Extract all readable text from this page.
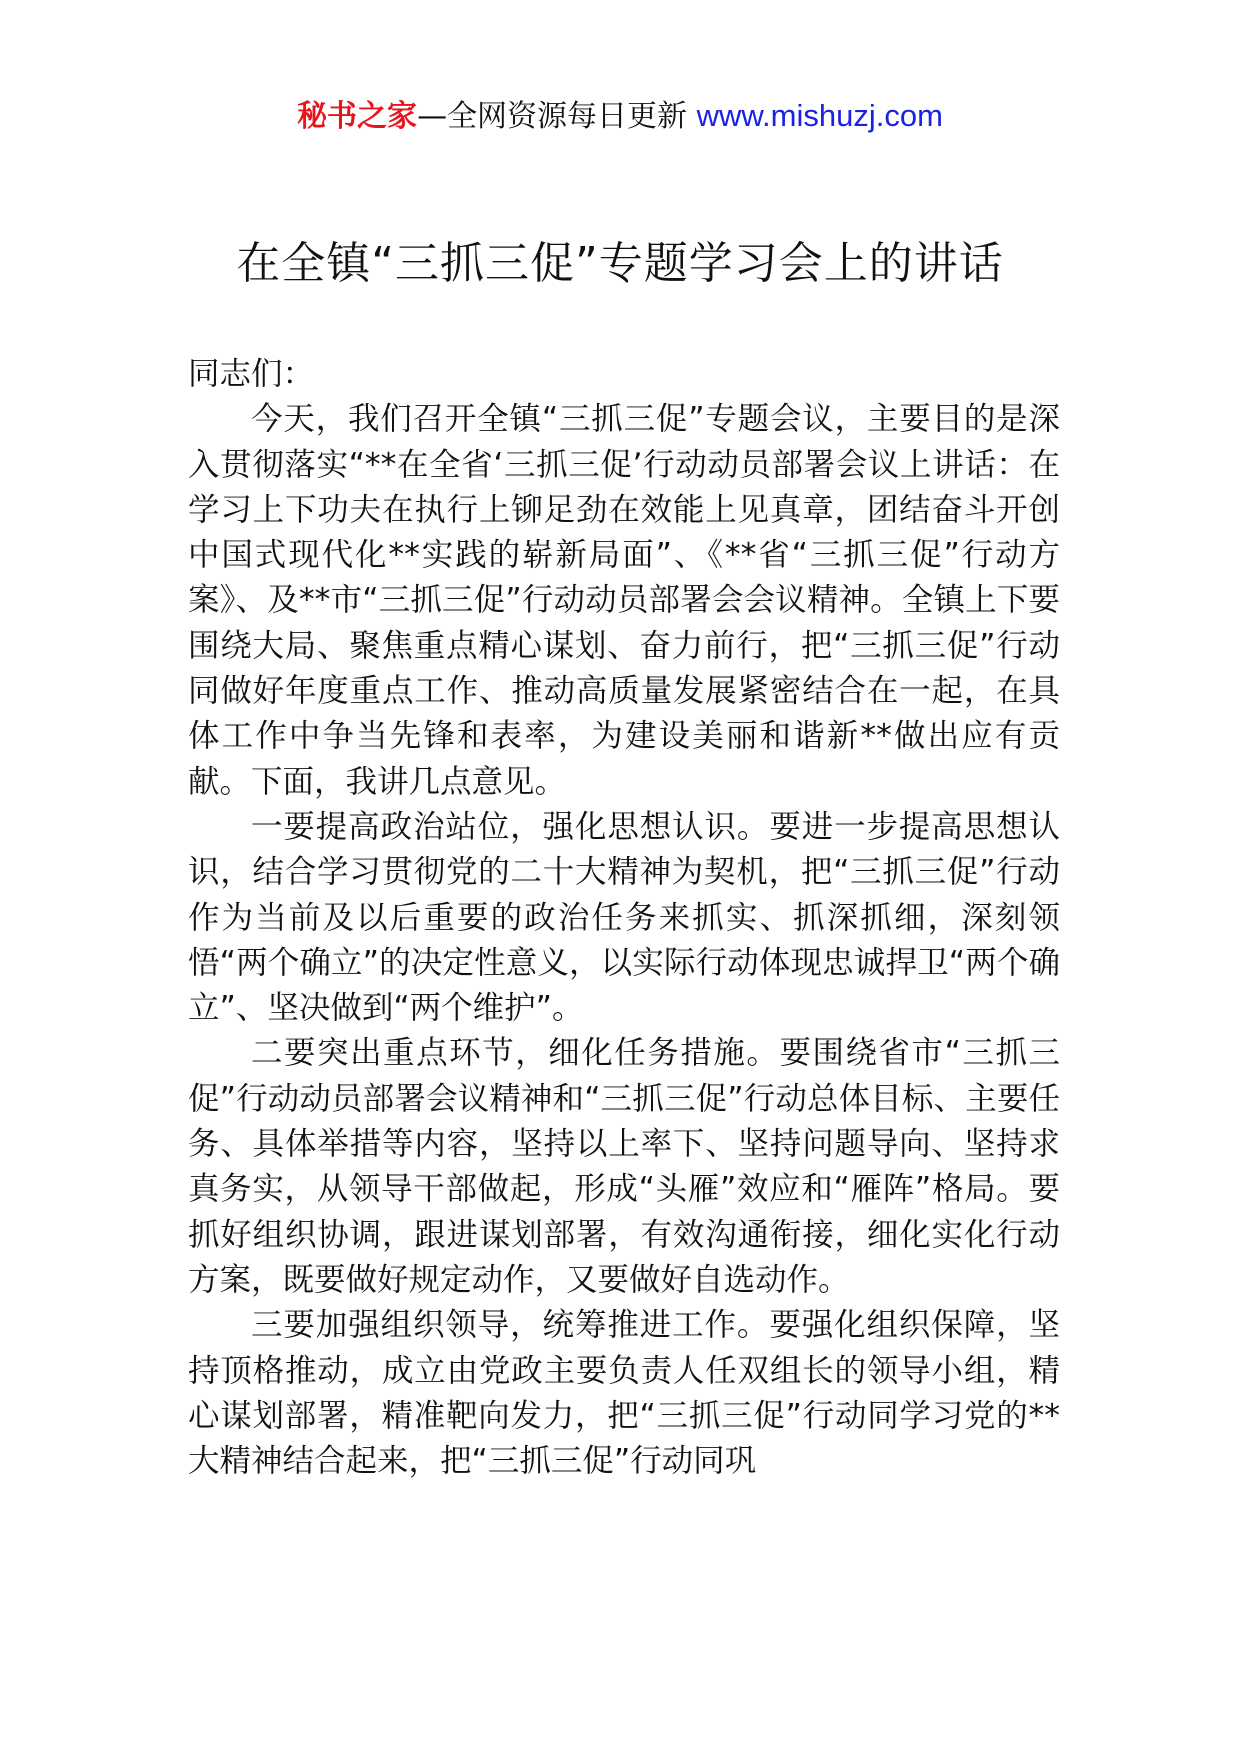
秘书之家—全网资源每日更新 www.mishuzj.com
在全镇“三抓三促”专题学习会上的讲话

同志们：

今天，我们召开全镇“三抓三促”专题会议，主要目的是深入贯彻落实“**在全省‘三抓三促’行动动员部署会议上讲话：在学习上下功夫在执行上铆足劲在效能上见真章，团结奋斗开创中国式现代化**实践的崭新局面”、《**省“三抓三促”行动方案》、及**市“三抓三促”行动动员部署会会议精神。全镇上下要围绕大局、聚焦重点精心谋划、奋力前行，把“三抓三促”行动同做好年度重点工作、推动高质量发展紧密结合在一起，在具体工作中争当先锋和表率，为建设美丽和谐新**做出应有贡献。下面，我讲几点意见。

一要提高政治站位，强化思想认识。要进一步提高思想认识，结合学习贯彻党的二十大精神为契机，把“三抓三促”行动作为当前及以后重要的政治任务来抓实、抓深抓细，深刻领悟“两个确立”的决定性意义，以实际行动体现忠诚捍卫“两个确立”、坚决做到“两个维护”。

二要突出重点环节，细化任务措施。要围绕省市“三抓三促”行动动员部署会议精神和“三抓三促”行动总体目标、主要任务、具体举措等内容，坚持以上率下、坚持问题导向、坚持求真务实，从领导干部做起，形成“头雁”效应和“雁阵”格局。要抓好组织协调，跟进谋划部署，有效沟通衔接，细化实化行动方案，既要做好规定动作，又要做好自选动作。

三要加强组织领导，统筹推进工作。要强化组织保障，坚持顶格推动，成立由党政主要负责人任双组长的领导小组，精心谋划部署，精准靶向发力，把“三抓三促”行动同学习党的**大精神结合起来，把“三抓三促”行动同巩
